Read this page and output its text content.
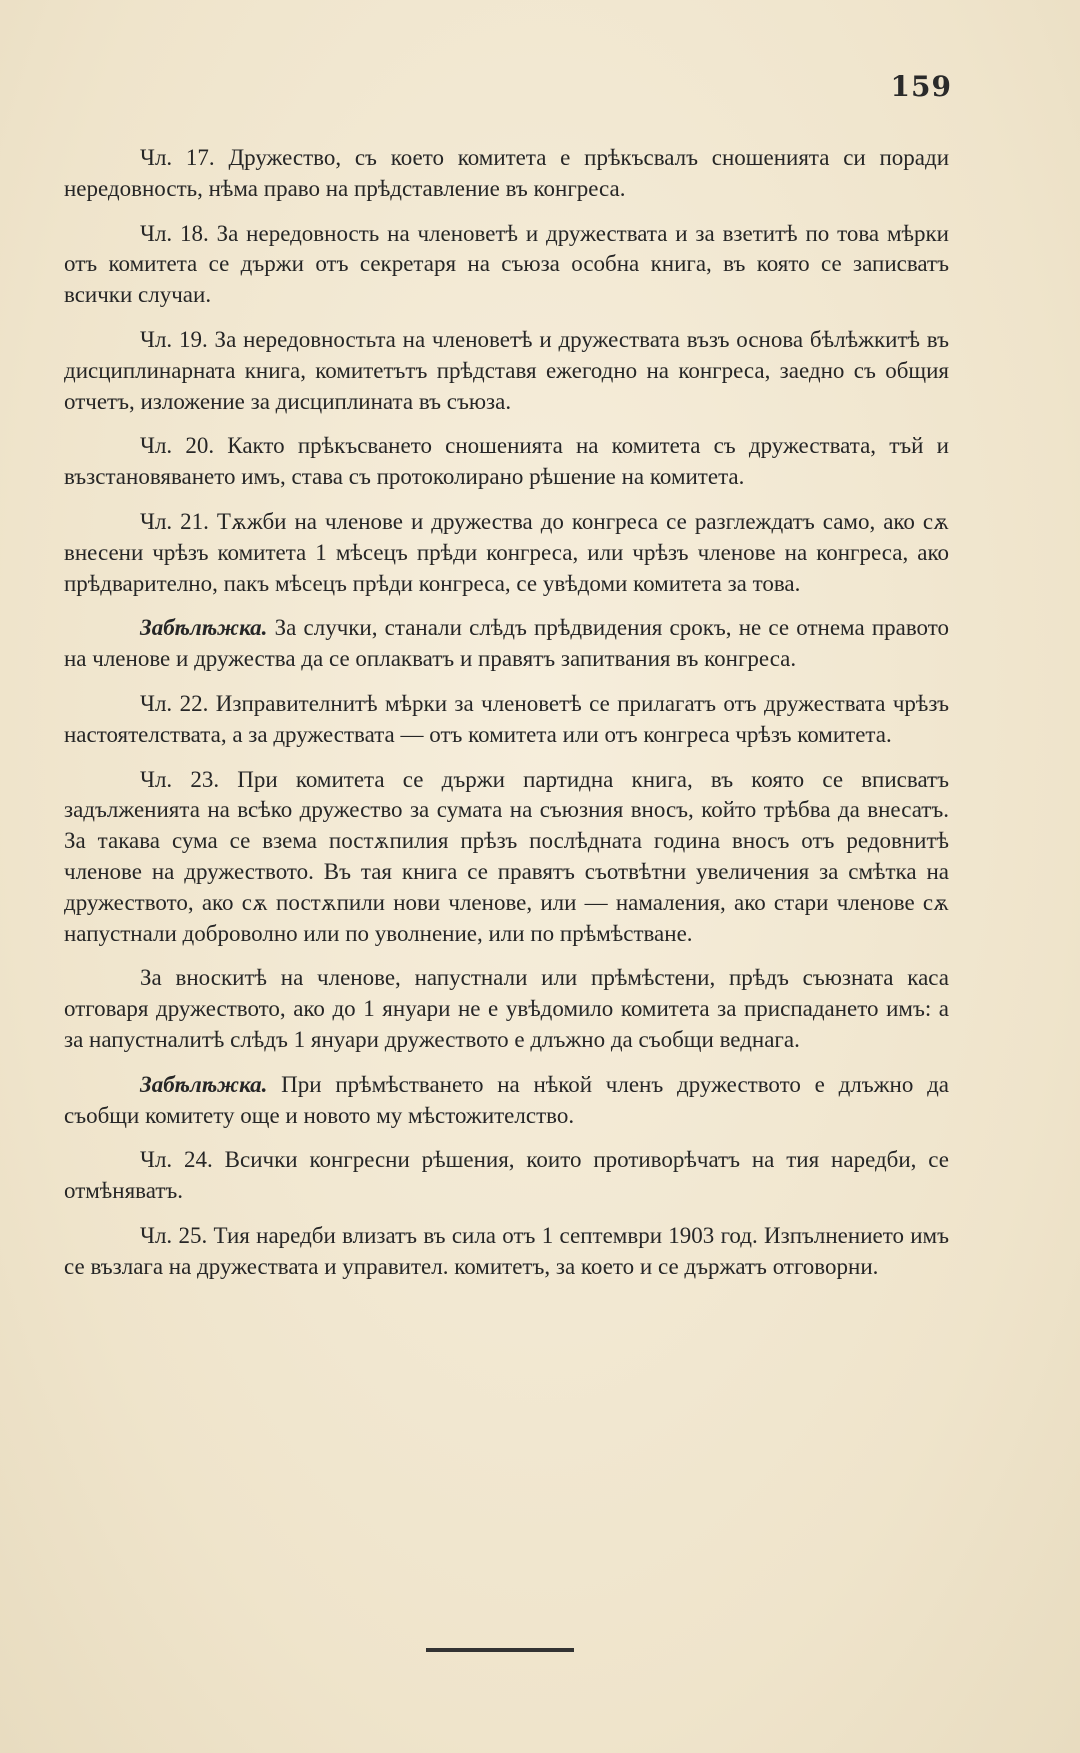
159

Чл. 17. Дружество, съ което комитета е прѣкъсвалъ сношенията си поради нередовность, нѣма право на прѣдставление въ конгреса.

Чл. 18. За нередовность на членоветѣ и дружествата и за взетитѣ по това мѣрки отъ комитета се държи отъ секретаря на съюза особна книга, въ която се записватъ всички случаи.

Чл. 19. За нередовностьта на членоветѣ и дружествата възъ основа бѣлѣжкитѣ въ дисциплинарната книга, комитетътъ прѣдставя ежегодно на конгреса, заедно съ общия отчетъ, изложение за дисциплината въ съюза.

Чл. 20. Както прѣкъсването сношенията на комитета съ дружествата, тъй и възстановяването имъ, става съ протоколирано рѣшение на комитета.

Чл. 21. Тѫжби на членове и дружества до конгреса се разглеждатъ само, ако сѫ внесени чрѣзъ комитета 1 мѣсецъ прѣди конгреса, или чрѣзъ членове на конгреса, ако прѣдварително, пакъ мѣсецъ прѣди конгреса, се увѣдоми комитета за това.

Забѣлѣжка. За случки, станали слѣдъ прѣдвидения срокъ, не се отнема правото на членове и дружества да се оплакватъ и правятъ запитвания въ конгреса.

Чл. 22. Изправителнитѣ мѣрки за членоветѣ се прилагатъ отъ дружествата чрѣзъ настоятелствата, а за дружествата — отъ комитета или отъ конгреса чрѣзъ комитета.

Чл. 23. При комитета се държи партидна книга, въ която се вписватъ задълженията на всѣко дружество за сумата на съюзния вносъ, който трѣбва да внесатъ. За такава сума се взема постѫпилия прѣзъ послѣдната година вносъ отъ редовнитѣ членове на дружеството. Въ тая книга се правятъ съотвѣтни увеличения за смѣтка на дружеството, ако сѫ постѫпили нови членове, или — намаления, ако стари членове сѫ напустнали доброволно или по уволнение, или по прѣмѣстване.

За вноскитѣ на членове, напустнали или прѣмѣстени, прѣдъ съюзната каса отговаря дружеството, ако до 1 януари не е увѣдомило комитета за приспадането имъ: а за напустналитѣ слѣдъ 1 януари дружеството е длъжно да съобщи веднага.

Забѣлѣжка. При прѣмѣстването на нѣкой членъ дружеството е длъжно да съобщи комитету още и новото му мѣстожителство.

Чл. 24. Всички конгресни рѣшения, които противорѣчатъ на тия наредби, се отмѣняватъ.

Чл. 25. Тия наредби влизатъ въ сила отъ 1 септември 1903 год. Изпълнението имъ се възлага на дружествата и управител. комитетъ, за което и се държатъ отговорни.
